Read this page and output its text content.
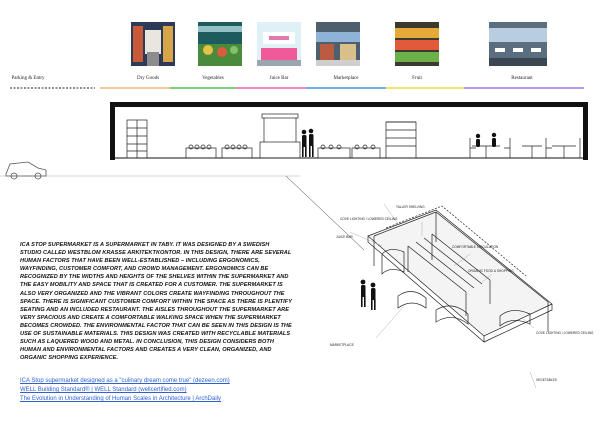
Parking & Entry	Dry Goods	Vegetables	Juice Bar	Marketplace	Fruit	Restaurant
COVE LIGHTING / LOWERED CEILING
TALLER SHELVING
COMFORTABLE CIRCULATION
JUICE BAR
ORGANIC FOOD & SHOPPING
MARKETPLACE
COVE LIGHTING / LOWERED CEILING
VEGETABLES

ICA STOP SUPERMARKET IS A SUPERMARKET IN TABY. IT WAS DESIGNED BY A SWEDISH STUDIO CALLED WESTBLOM KRASSE ARKITEKTKONTOR. IN THIS DESIGN, THERE ARE SEVERAL HUMAN FACTORS THAT HAVE BEEN WELL-ESTABLISHED – INCLUDING ERGONOMICS, WAYFINDING, CUSTOMER COMFORT, AND CROWD MANAGEMENT. ERGONOMICS CAN BE RECOGNIZED BY THE WIDTHS AND HEIGHTS OF THE SHELVES WITHIN THE SUPERMARKET AND THE EASY MOBILITY AND SPACE THAT IS CREATED FOR A CUSTOMER. THE SUPERMARKET IS ALSO VERY ORGANIZED AND THE VIBRANT COLORS CREATE WAYFINDING THROUGHOUT THE SPACE. THERE IS SIGNIFICANT CUSTOMER COMFORT WITHIN THE SPACE AS THERE IS PLENTIFY SEATING AND AN INCLUDED RESTAURANT. THE AISLES THROUGHOUT THE SUPERMARKET ARE VERY SPACIOUS AND CREATE A COMFORTABLE WALKING SPACE WHEN THE SUPERMARKET BECOMES CROWDED. THE ENVIRONMENTAL FACTOR THAT CAN BE SEEN IN THIS DESIGN IS THE USE OF SUSTAINABLE MATERIALS. THIS DESIGN WAS CREATED WITH RECYCLABLE MATERIALS SUCH AS LAQUERED WOOD AND METAL. IN CONCLUSION, THIS DESIGN CONSIDERS BOTH HUMAN AND ENVIRONMENTAL FACTORS AND CREATES A VERY CLEAN, ORGANIZED, AND ORGANIC SHOPPING EXPERIENCE.

ICA Stop supermarket designed as a "culinary dream come true" (dezeen.com)
WELL Building Standard® | WELL Standard (wellcertified.com)
The Evolution in Understanding of Human Scales in Architecture | ArchDaily
